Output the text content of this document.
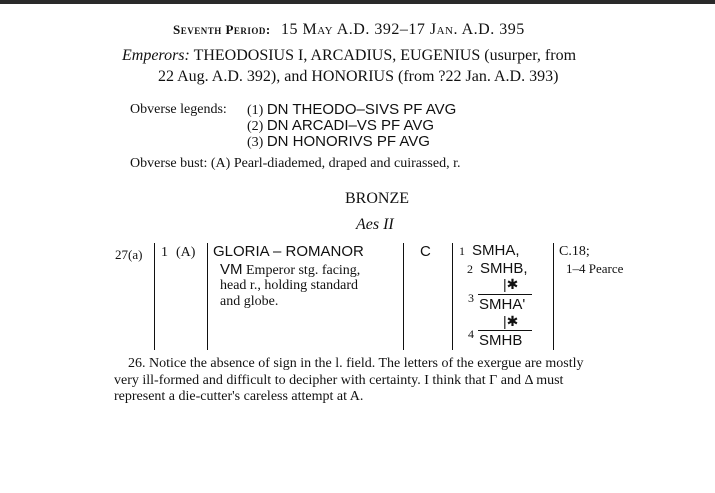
Seventh Period: 15 May A.D. 392–17 Jan. A.D. 395
Emperors: THEODOSIUS I, ARCADIUS, EUGENIUS (usurper, from
22 Aug. A.D. 392), and HONORIUS (from ?22 Jan. A.D. 393)
Obverse legends: (1) DN THEODO–SIVS PF AVG
(2) DN ARCADI–VS PF AVG
(3) DN HONORIVS PF AVG
Obverse bust: (A) Pearl-diademed, draped and cuirassed, r.
BRONZE
Aes II
27(a) 1 (A) GLORIA – ROMANOR
VM Emperor stg. facing,
head r., holding standard
and globe.
C 1 SMHA,
2 SMHB,
|✱
3 SMHA'
|✱
4 SMHB
C.18;
1–4 Pearce
26. Notice the absence of sign in the l. field. The letters of the exergue are mostly
very ill-formed and difficult to decipher with certainty. I think that Γ and Δ must
represent a die-cutter's careless attempt at A.
